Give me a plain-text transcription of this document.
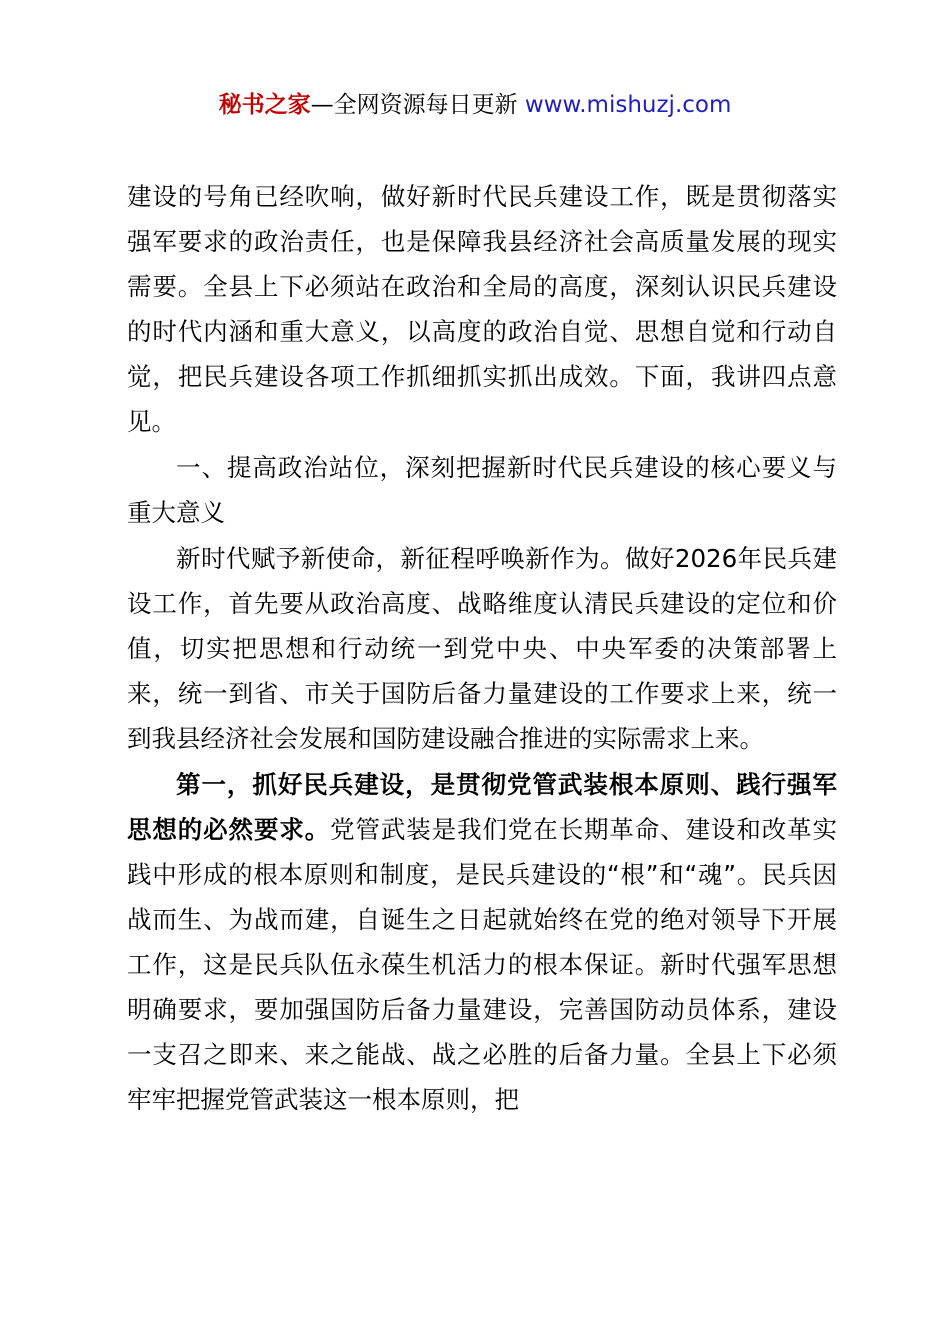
秘书之家—全网资源每日更新 www.mishuzj.com

建设的号角已经吹响，做好新时代民兵建设工作，既是贯彻落实强军要求的政治责任，也是保障我县经济社会高质量发展的现实需要。全县上下必须站在政治和全局的高度，深刻认识民兵建设的时代内涵和重大意义，以高度的政治自觉、思想自觉和行动自觉，把民兵建设各项工作抓细抓实抓出成效。下面，我讲四点意见。

一、提高政治站位，深刻把握新时代民兵建设的核心要义与重大意义

新时代赋予新使命，新征程呼唤新作为。做好2026年民兵建设工作，首先要从政治高度、战略维度认清民兵建设的定位和价值，切实把思想和行动统一到党中央、中央军委的决策部署上来，统一到省、市关于国防后备力量建设的工作要求上来，统一到我县经济社会发展和国防建设融合推进的实际需求上来。

第一，抓好民兵建设，是贯彻党管武装根本原则、践行强军思想的必然要求。党管武装是我们党在长期革命、建设和改革实践中形成的根本原则和制度，是民兵建设的“根”和“魂”。民兵因战而生、为战而建，自诞生之日起就始终在党的绝对领导下开展工作，这是民兵队伍永葆生机活力的根本保证。新时代强军思想明确要求，要加强国防后备力量建设，完善国防动员体系，建设一支召之即来、来之能战、战之必胜的后备力量。全县上下必须牢牢把握党管武装这一根本原则，把
